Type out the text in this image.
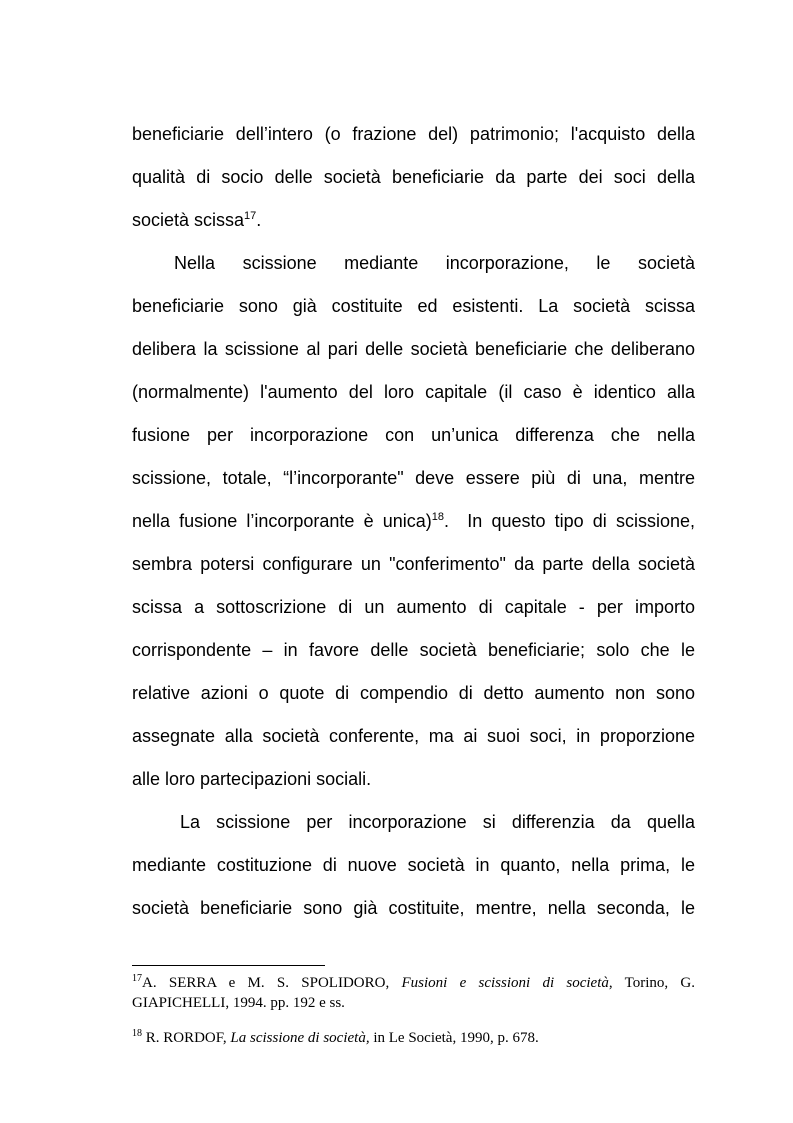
beneficiarie dell’intero (o frazione del) patrimonio; l'acquisto della
qualità di socio delle società beneficiarie da parte dei soci della
società scissa$^{17}$.
Nella scissione mediante incorporazione, le società
beneficiarie sono già costituite ed esistenti. La società scissa
delibera la scissione al pari delle società beneficiarie che deliberano
(normalmente) l'aumento del loro capitale (il caso è identico alla
fusione per incorporazione con un’unica differenza che nella
scissione, totale, “l’incorporante" deve essere più di una, mentre
nella fusione l’incorporante è unica)$^{18}$.  In questo tipo di scissione,
sembra potersi configurare un "conferimento" da parte della società
scissa a sottoscrizione di un aumento di capitale - per importo
corrispondente – in favore delle società beneficiarie; solo che le
relative azioni o quote di compendio di detto aumento non sono
assegnate alla società conferente, ma ai suoi soci, in proporzione
alle loro partecipazioni sociali.
La scissione per incorporazione si differenzia da quella
mediante costituzione di nuove società in quanto, nella prima, le
società beneficiarie sono già costituite, mentre, nella seconda, le
$^{17}$A. SERRA e M. S. SPOLIDORO, Fusioni e scissioni di società, Torino, G.
GIAPICHELLI, 1994. pp. 192 e ss.
$^{18}$ R. RORDOF, La scissione di società, in Le Società, 1990, p. 678.
